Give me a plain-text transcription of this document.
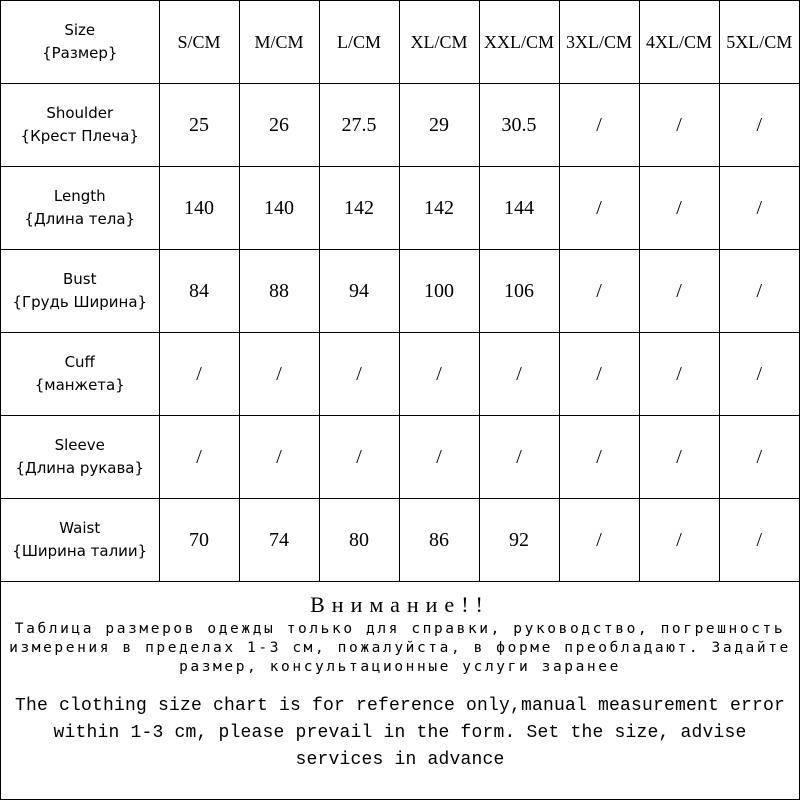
Size
{Размер}	S/CM	M/CM	L/CM	XL/CM	XXL/CM	3XL/CM	4XL/CM	5XL/CM

Shoulder
{Крест Плеча}	25	26	27.5	29	30.5	/	/	/

Length
{Длина тела}	140	140	142	142	144	/	/	/

Bust
{Грудь Ширина}	84	88	94	100	106	/	/	/

Cuff
{манжета}	/	/	/	/	/	/	/	/

Sleeve
{Длина рукава}	/	/	/	/	/	/	/	/

Waist
{Ширина талии}	70	74	80	86	92	/	/	/
Внимание!!
Таблица размеров одежды только для справки, руководство, погрешность измерения в пределах 1-3 см, пожалуйста, в форме преобладают. Задайте размер, консультационные услуги заранее
The clothing size chart is for reference only,manual measurement error within 1-3 cm, please prevail in the form. Set the size, advise services in advance
